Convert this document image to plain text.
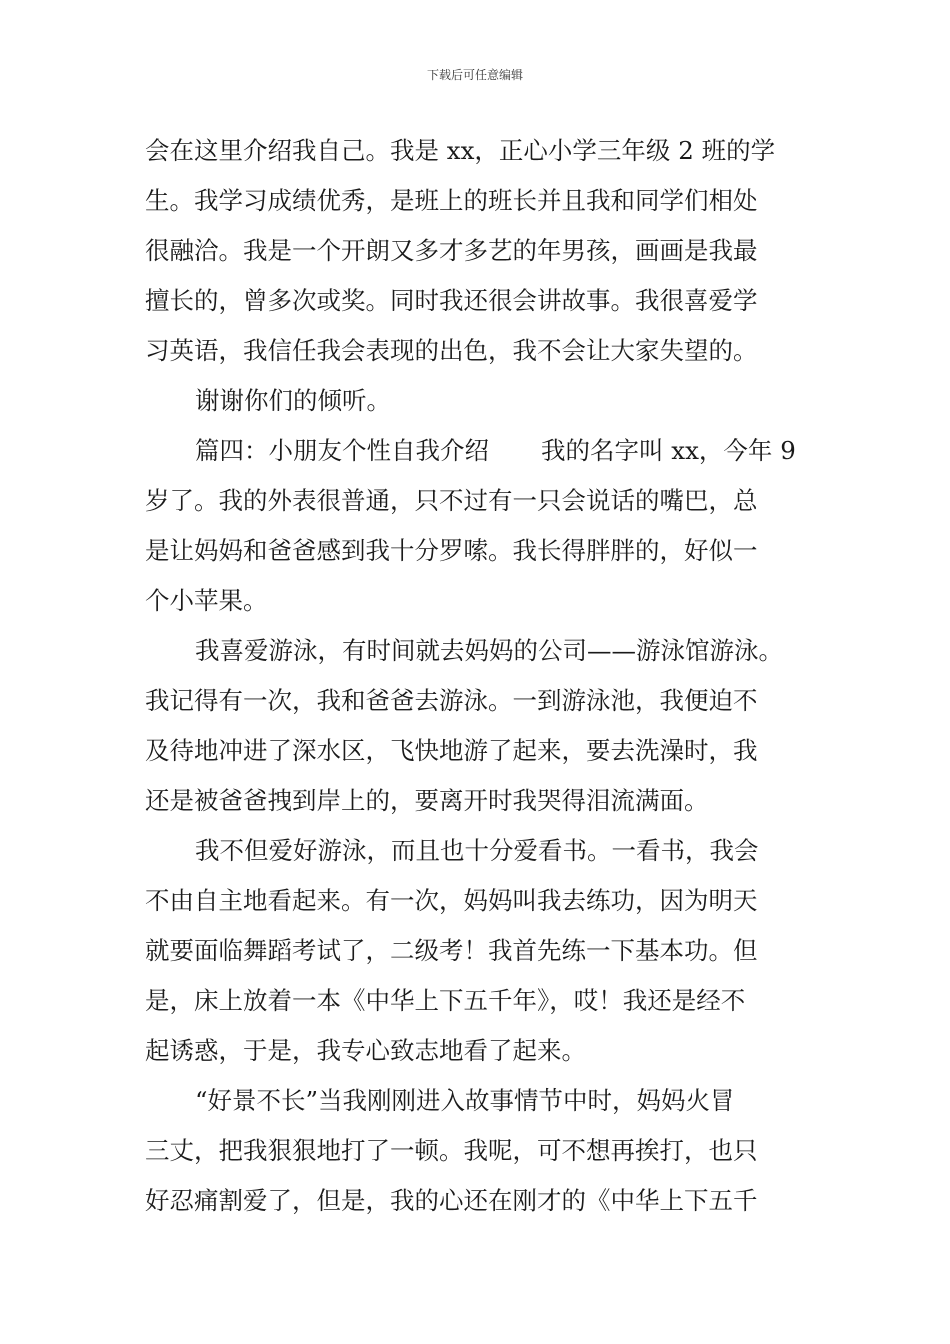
下载后可任意编辑
会在这里介绍我自己。我是 xx，正心小学三年级 2 班的学
生。我学习成绩优秀，是班上的班长并且我和同学们相处
很融洽。我是一个开朗又多才多艺的年男孩，画画是我最
擅长的，曾多次或奖。同时我还很会讲故事。我很喜爱学
习英语，我信任我会表现的出色，我不会让大家失望的。
谢谢你们的倾听。
篇四：小朋友个性自我介绍 我的名字叫 xx，今年 9
岁了。我的外表很普通，只不过有一只会说话的嘴巴，总
是让妈妈和爸爸感到我十分罗嗦。我长得胖胖的，好似一
个小苹果。
我喜爱游泳，有时间就去妈妈的公司——游泳馆游泳。
我记得有一次，我和爸爸去游泳。一到游泳池，我便迫不
及待地冲进了深水区，飞快地游了起来，要去洗澡时，我
还是被爸爸拽到岸上的，要离开时我哭得泪流满面。
我不但爱好游泳，而且也十分爱看书。一看书，我会
不由自主地看起来。有一次，妈妈叫我去练功，因为明天
就要面临舞蹈考试了，二级考！我首先练一下基本功。但
是，床上放着一本《中华上下五千年》，哎！我还是经不
起诱惑，于是，我专心致志地看了起来。
“好景不长”当我刚刚进入故事情节中时，妈妈火冒
三丈，把我狠狠地打了一顿。我呢，可不想再挨打，也只
好忍痛割爱了，但是，我的心还在刚才的《中华上下五千
